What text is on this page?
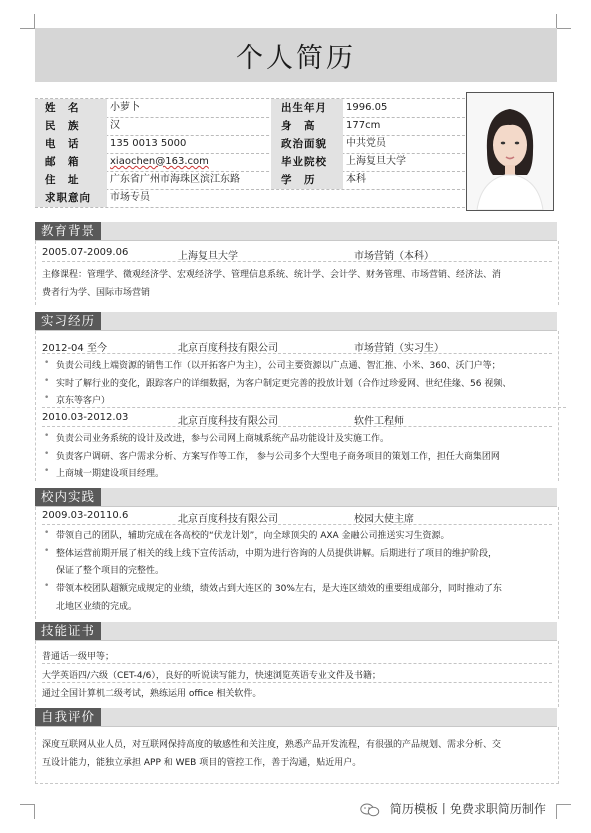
个人简历
姓　名	小萝卜	出生年月	1996.05
民　族	汉	身　高	177cm
电　话	135 0013 5000	政治面貌	中共党员
邮　箱	xiaochen@163.com	毕业院校	上海复旦大学
住　址	广东省广州市海珠区滨江东路	学　历	本科
求职意向	市场专员
教育背景
2005.07-2009.06	上海复旦大学	市场营销（本科）
主修课程：管理学、微观经济学、宏观经济学、管理信息系统、统计学、会计学、财务管理、市场营销、经济法、消
费者行为学、国际市场营销
实习经历
2012-04 至今	北京百度科技有限公司	市场营销（实习生）
• 负责公司线上端资源的销售工作（以开拓客户为主），公司主要资源以广点通、智汇推、小米、360、沃门户等；
• 实时了解行业的变化，跟踪客户的详细数据，为客户制定更完善的投放计划（合作过珍爱网、世纪佳缘、56 视频、
• 京东等客户）
2010.03-2012.03	北京百度科技有限公司	软件工程师
• 负责公司业务系统的设计及改进，参与公司网上商城系统产品功能设计及实施工作。
• 负责客户调研、客户需求分析、方案写作等工作， 参与公司多个大型电子商务项目的策划工作，担任大商集团网
• 上商城一期建设项目经理。
校内实践
2009.03-20110.6	北京百度科技有限公司	校园大使主席
• 带领自己的团队，辅助完成在各高校的“伏龙计划”，向全球顶尖的 AXA 金融公司推送实习生资源。
• 整体运营前期开展了相关的线上线下宣传活动，中期为进行咨询的人员提供讲解。后期进行了项目的维护阶段，
保证了整个项目的完整性。
• 带领本校团队超额完成规定的业绩，绩效占到大连区的 30%左右，是大连区绩效的重要组成部分，同时推动了东
北地区业绩的完成。
技能证书
普通话一级甲等；
大学英语四/六级（CET-4/6），良好的听说读写能力，快速浏览英语专业文件及书籍；
通过全国计算机二级考试，熟练运用 office 相关软件。
自我评价
深度互联网从业人员，对互联网保持高度的敏感性和关注度，熟悉产品开发流程，有很强的产品规划、需求分析、交
互设计能力，能独立承担 APP 和 WEB 项目的管控工作，善于沟通，贴近用户。
简历模板丨免费求职简历制作
